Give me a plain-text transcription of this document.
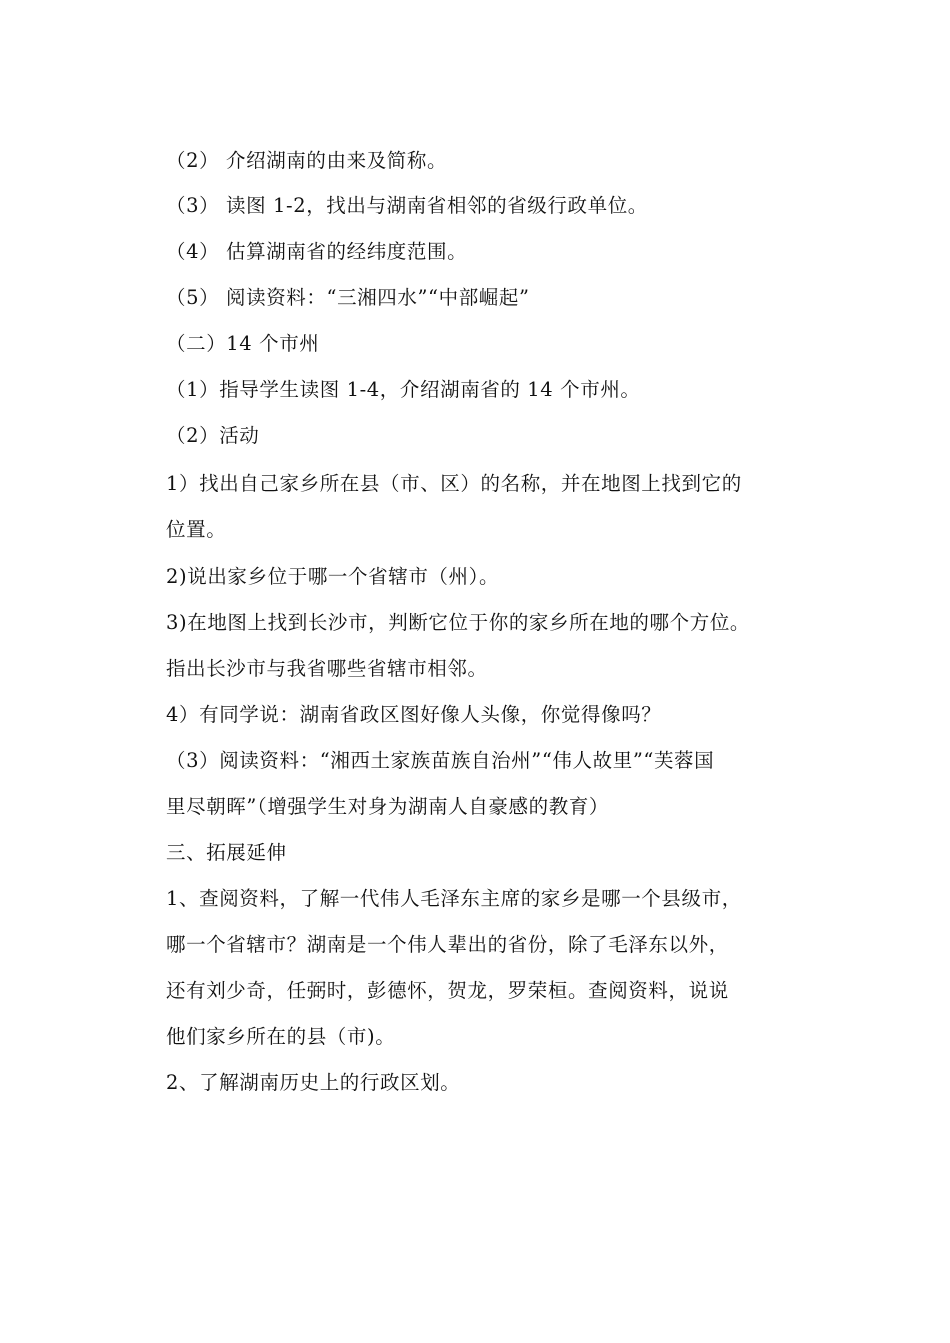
（2） 介绍湖南的由来及简称。
（3） 读图 1-2，找出与湖南省相邻的省级行政单位。
（4） 估算湖南省的经纬度范围。
（5） 阅读资料：“三湘四水”“中部崛起”
（二）14 个市州
（1）指导学生读图 1-4，介绍湖南省的 14 个市州。
（2）活动
1）找出自己家乡所在县（市、区）的名称，并在地图上找到它的
位置。
2)说出家乡位于哪一个省辖市（州）。
3)在地图上找到长沙市，判断它位于你的家乡所在地的哪个方位。
指出长沙市与我省哪些省辖市相邻。
4）有同学说：湖南省政区图好像人头像，你觉得像吗？
（3）阅读资料：“湘西土家族苗族自治州”“伟人故里”“芙蓉国
里尽朝晖”（增强学生对身为湖南人自豪感的教育）
三、拓展延伸
1、查阅资料，了解一代伟人毛泽东主席的家乡是哪一个县级市，
哪一个省辖市？湖南是一个伟人辈出的省份，除了毛泽东以外，
还有刘少奇，任弼时，彭德怀，贺龙，罗荣桓。查阅资料，说说
他们家乡所在的县（市)。
2、了解湖南历史上的行政区划。
